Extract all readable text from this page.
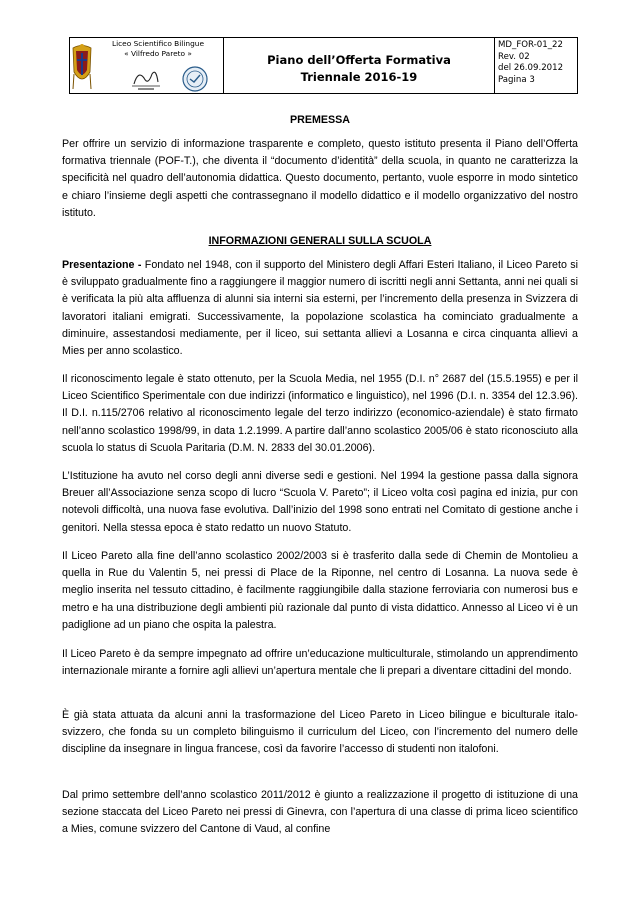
Liceo Scientifico Bilingue
« Vilfredo Pareto »	Piano dell’Offerta Formativa
Triennale 2016-19
MD_FOR-01_22
Rev. 02
del 26.09.2012
Pagina 3
PREMESSA

Per offrire un servizio di informazione trasparente e completo, questo istituto presenta il Piano dell’Offerta formativa triennale (POF-T.), che diventa il “documento d’identità” della scuola, in quanto ne caratterizza la specificità nel quadro dell’autonomia didattica. Questo documento, pertanto, vuole esporre in modo sintetico e chiaro l’insieme degli aspetti che contrassegnano il modello didattico e il modello organizzativo del nostro istituto.

INFORMAZIONI GENERALI SULLA SCUOLA

Presentazione - Fondato nel 1948, con il supporto del Ministero degli Affari Esteri Italiano, il Liceo Pareto si è sviluppato gradualmente fino a raggiungere il maggior numero di iscritti negli anni Settanta, anni nei quali si è verificata la più alta affluenza di alunni sia interni sia esterni, per l’incremento della presenza in Svizzera di lavoratori italiani emigrati. Successivamente, la popolazione scolastica ha cominciato gradualmente a diminuire, assestandosi mediamente, per il liceo, sui settanta allievi a Losanna e circa cinquanta allievi a Mies per anno scolastico.

Il riconoscimento legale è stato ottenuto, per la Scuola Media, nel 1955 (D.I. n° 2687 del (15.5.1955) e per il Liceo Scientifico Sperimentale con due indirizzi (informatico e linguistico), nel 1996 (D.I. n. 3354 del 12.3.96). Il D.I. n.115/2706 relativo al riconoscimento legale del terzo indirizzo (economico-aziendale) è stato firmato nell’anno scolastico 1998/99, in data 1.2.1999. A partire dall’anno scolastico 2005/06 è stato riconosciuto alla scuola lo status di Scuola Paritaria (D.M. N. 2833 del 30.01.2006).

L’Istituzione ha avuto nel corso degli anni diverse sedi e gestioni. Nel 1994 la gestione passa dalla signora Breuer all’Associazione senza scopo di lucro “Scuola V. Pareto”; il Liceo volta così pagina ed inizia, pur con notevoli difficoltà, una nuova fase evolutiva. Dall’inizio del 1998 sono entrati nel Comitato di gestione anche i genitori. Nella stessa epoca è stato redatto un nuovo Statuto.

Il Liceo Pareto alla fine dell’anno scolastico 2002/2003 si è trasferito dalla sede di Chemin de Montolieu a quella in Rue du Valentin 5, nei pressi di Place de la Riponne, nel centro di Losanna. La nuova sede è meglio inserita nel tessuto cittadino, è facilmente raggiungibile dalla stazione ferroviaria con numerosi bus e metro e ha una distribuzione degli ambienti più razionale dal punto di vista didattico. Annesso al Liceo vi è un padiglione ad un piano che ospita la palestra.

Il Liceo Pareto è da sempre impegnato ad offrire un’educazione multiculturale, stimolando un apprendimento internazionale mirante a fornire agli allievi un’apertura mentale che li prepari a diventare cittadini del mondo.

È già stata attuata da alcuni anni la trasformazione del Liceo Pareto in Liceo bilingue e biculturale italo-svizzero, che fonda su un completo bilinguismo il curriculum del Liceo, con l’incremento del numero delle discipline da insegnare in lingua francese, così da favorire l’accesso di studenti non italofoni.

Dal primo settembre dell’anno scolastico 2011/2012 è giunto a realizzazione il progetto di istituzione di una sezione staccata del Liceo Pareto nei pressi di Ginevra, con l’apertura di una classe di prima liceo scientifico a Mies, comune svizzero del Cantone di Vaud, al confine
